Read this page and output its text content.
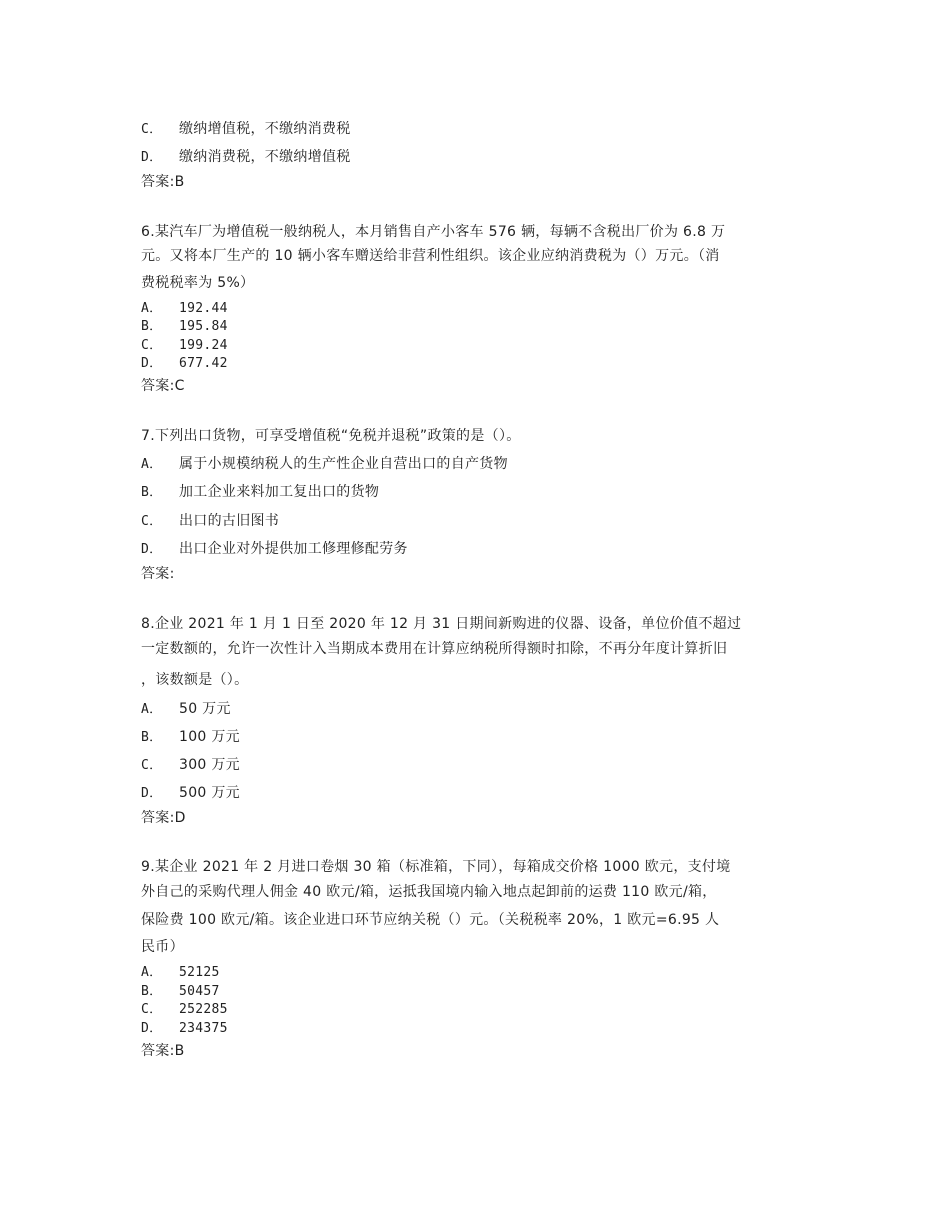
C． 缴纳增值税，不缴纳消费税
D． 缴纳消费税，不缴纳增值税
答案:B
6.某汽车厂为增值税一般纳税人，本月销售自产小客车 576 辆，每辆不含税出厂价为 6.8 万
元。又将本厂生产的 10 辆小客车赠送给非营利性组织。该企业应纳消费税为（）万元。（消
费税税率为 5%）
A． 192.44
B． 195.84
C． 199.24
D． 677.42
答案:C
7.下列出口货物，可享受增值税“免税并退税”政策的是（）。
A． 属于小规模纳税人的生产性企业自营出口的自产货物
B． 加工企业来料加工复出口的货物
C． 出口的古旧图书
D． 出口企业对外提供加工修理修配劳务
答案:
8.企业 2021 年 1 月 1 日至 2020 年 12 月 31 日期间新购进的仪器、设备，单位价值不超过
一定数额的，允许一次性计入当期成本费用在计算应纳税所得额时扣除，不再分年度计算折旧
，该数额是（）。
A． 50 万元
B． 100 万元
C． 300 万元
D． 500 万元
答案:D
9.某企业 2021 年 2 月进口卷烟 30 箱（标准箱，下同），每箱成交价格 1000 欧元，支付境
外自己的采购代理人佣金 40 欧元/箱，运抵我国境内输入地点起卸前的运费 110 欧元/箱，
保险费 100 欧元/箱。该企业进口环节应纳关税（）元。（关税税率 20%，1 欧元=6.95 人
民币）
A． 52125
B． 50457
C． 252285
D． 234375
答案:B
